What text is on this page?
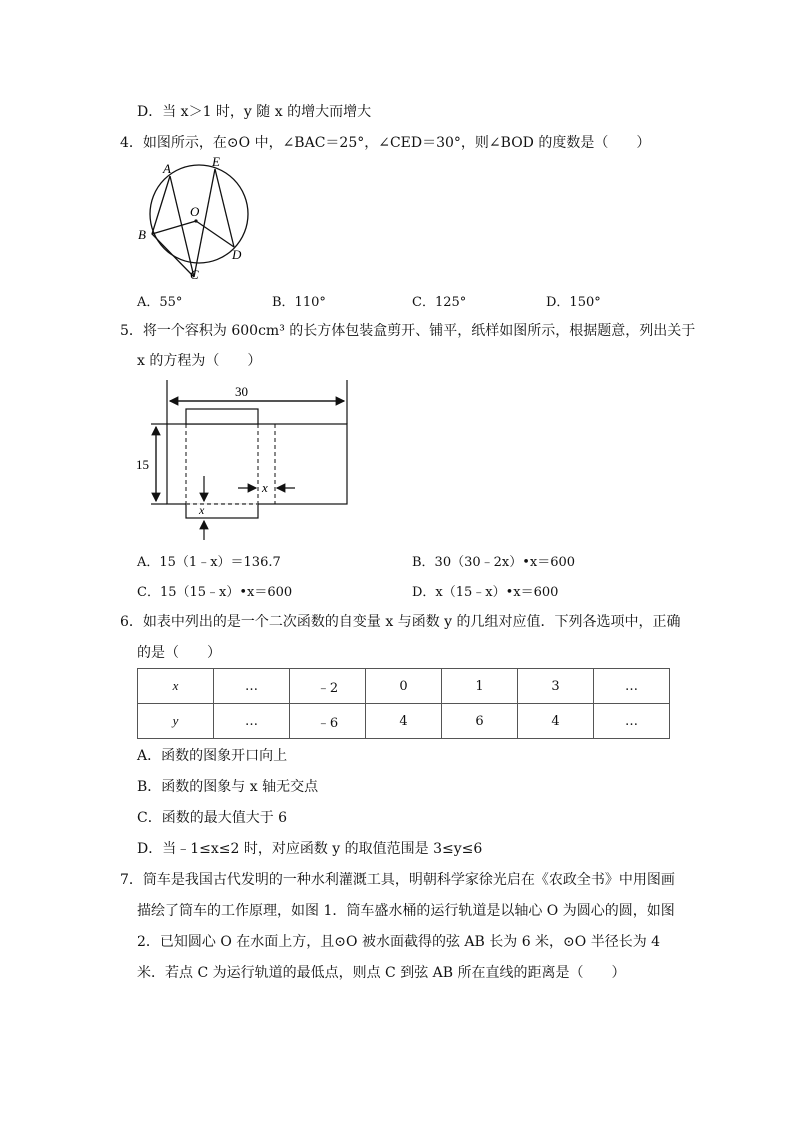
D．当 x＞1 时，y 随 x 的增大而增大
4．如图所示，在⊙O 中，∠BAC＝25°，∠CED＝30°，则∠BOD 的度数是（　　）
A	E
O
B
D
C
A．55°	B．110°	C．125°	D．150°
5．将一个容积为 600cm³ 的长方体包装盒剪开、铺平，纸样如图所示，根据题意，列出关于
x 的方程为（　　）
30
15
x
x
A．15（1﹣x）＝136.7	B．30（30﹣2x）•x＝600
C．15（15﹣x）•x＝600	D．x（15﹣x）•x＝600
6．如表中列出的是一个二次函数的自变量 x 与函数 y 的几组对应值．下列各选项中，正确
的是（　　）
x	…	﹣2	0	1	3	…
y	…	﹣6	4	6	4	…
A．函数的图象开口向上
B．函数的图象与 x 轴无交点
C．函数的最大值大于 6
D．当﹣1≤x≤2 时，对应函数 y 的取值范围是 3≤y≤6
7．筒车是我国古代发明的一种水利灌溉工具，明朝科学家徐光启在《农政全书》中用图画
描绘了筒车的工作原理，如图 1．筒车盛水桶的运行轨道是以轴心 O 为圆心的圆，如图
2．已知圆心 O 在水面上方，且⊙O 被水面截得的弦 AB 长为 6 米，⊙O 半径长为 4
米．若点 C 为运行轨道的最低点，则点 C 到弦 AB 所在直线的距离是（　　）
